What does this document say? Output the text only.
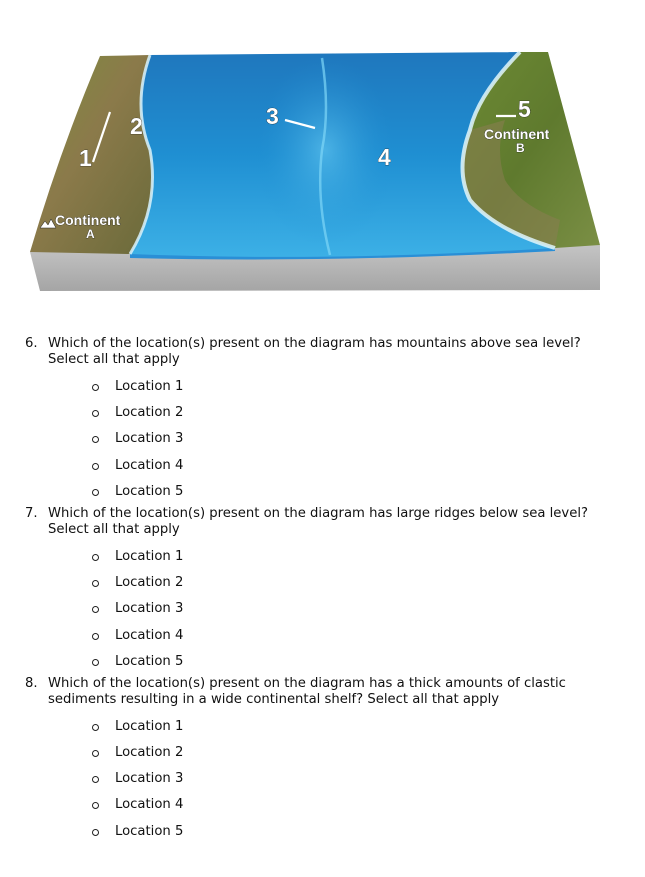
1
2	3
4
5
Continent
B
Continent
A
6. Which of the location(s) present on the diagram has mountains above sea level? Select all that apply
Location 1
Location 2
Location 3
Location 4
Location 5
7. Which of the location(s) present on the diagram has large ridges below sea level? Select all that apply
Location 1
Location 2
Location 3
Location 4
Location 5
8. Which of the location(s) present on the diagram has a thick amounts of clastic sediments resulting in a wide continental shelf? Select all that apply
Location 1
Location 2
Location 3
Location 4
Location 5
